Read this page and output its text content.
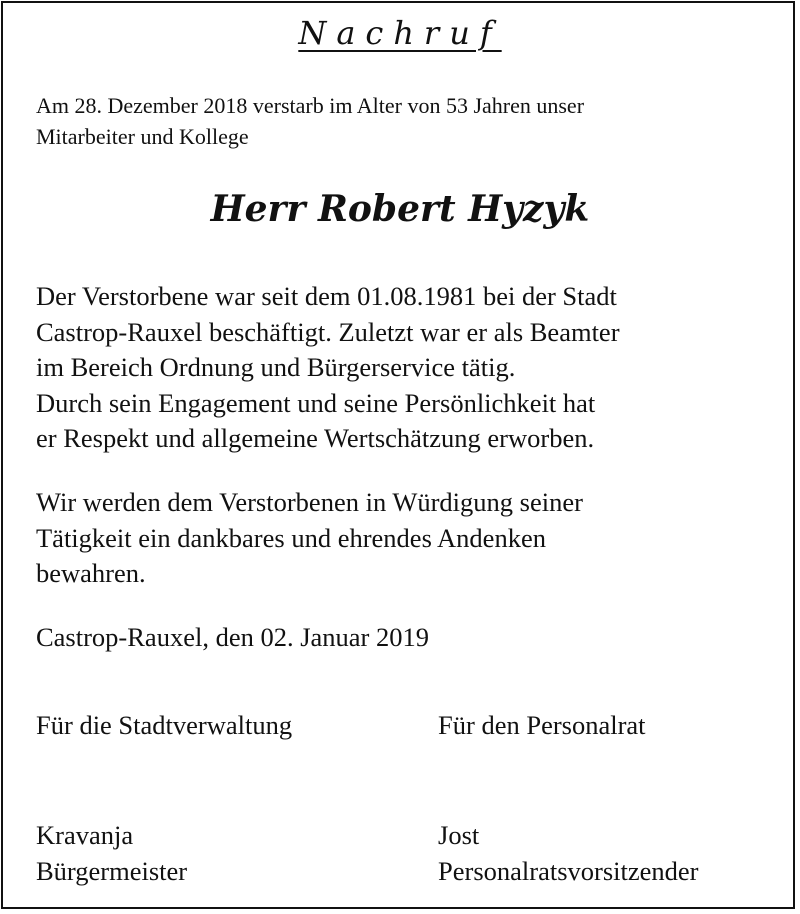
Nachruf
Am 28. Dezember 2018 verstarb im Alter von 53 Jahren unser
Mitarbeiter und Kollege
Herr Robert Hyzyk
Der Verstorbene war seit dem 01.08.1981 bei der Stadt
Castrop-Rauxel beschäftigt. Zuletzt war er als Beamter
im Bereich Ordnung und Bürgerservice tätig.
Durch sein Engagement und seine Persönlichkeit hat
er Respekt und allgemeine Wertschätzung erworben.
Wir werden dem Verstorbenen in Würdigung seiner
Tätigkeit ein dankbares und ehrendes Andenken
bewahren.
Castrop-Rauxel, den 02. Januar 2019
Für die Stadtverwaltung	Für den Personalrat
Kravanja
Bürgermeister
Jost
Personalratsvorsitzender
